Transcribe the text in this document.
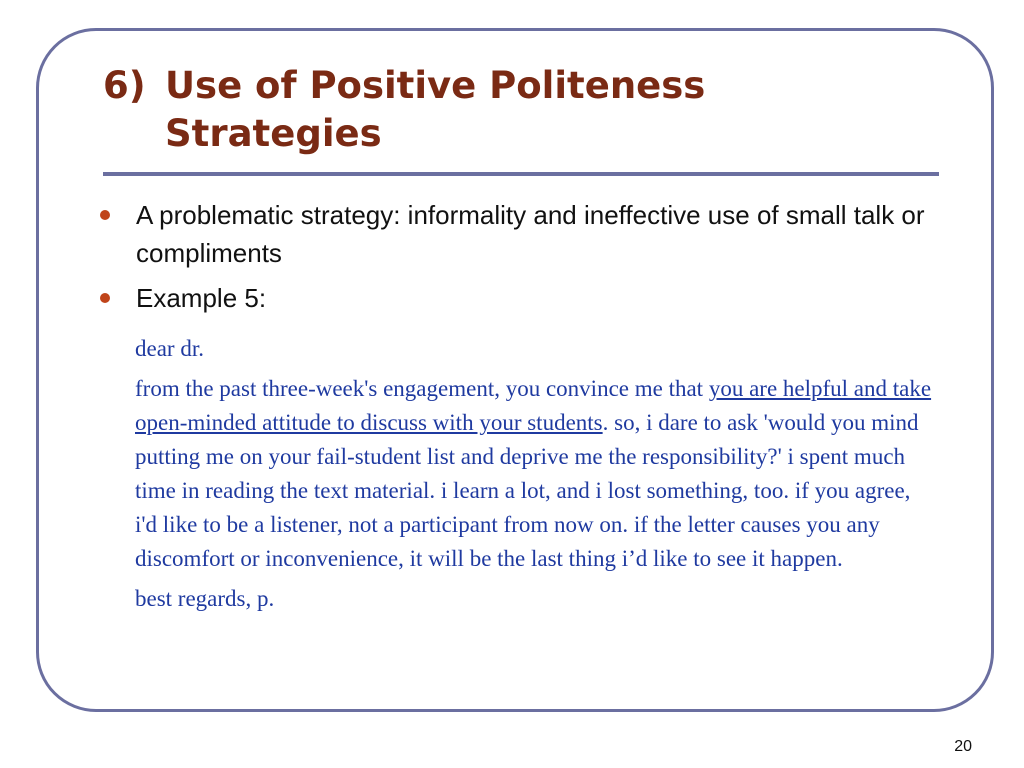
6) Use of Positive Politeness
Strategies
A problematic strategy: informality and ineffective use of small talk or compliments
Example 5:

dear dr.

from the past three-week's engagement, you convince me that you are helpful and take open-minded attitude to discuss with your students. so, i dare to ask 'would you mind putting me on your fail-student list and deprive me the responsibility?' i spent much time in reading the text material. i learn a lot, and i lost something, too. if you agree, i'd like to be a listener, not a participant from now on. if the letter causes you any discomfort or inconvenience, it will be the last thing i’d like to see it happen.

best regards, p.

20
